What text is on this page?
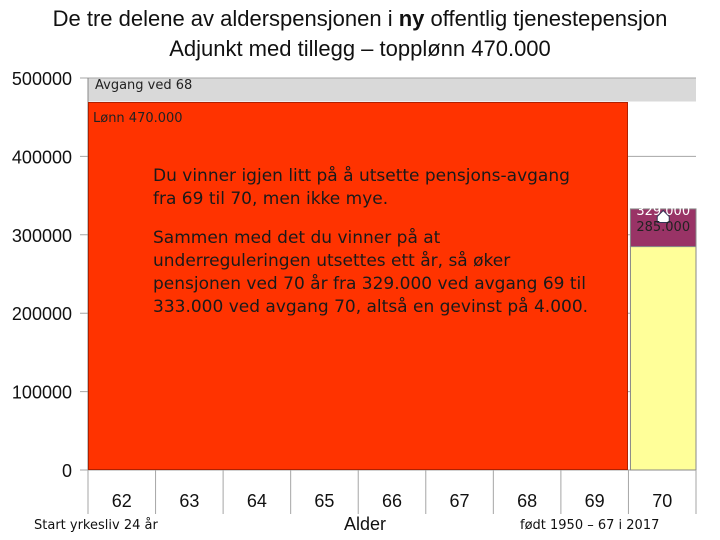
De tre delene av alderspensjonen i ny offentlig tjenestepensjon
Adjunkt med tillegg – topplønn 470.000
0
100000
200000
300000
400000
500000
333.000
329.000
285.000
62	63	64	65	66	67	68	69	70
Lønn 470.000

Du vinner igjen litt på å utsette pensjons-avgang fra 69 til 70, men ikke mye.

Sammen med det du vinner på at underreguleringen utsettes ett år, så øker pensjonen ved 70 år fra 329.000 ved avgang 69 til 333.000 ved avgang 70, altså en gevinst på 4.000.

Avgang ved 68
Start yrkesliv 24 år	Alder	født 1950 – 67 i 2017
